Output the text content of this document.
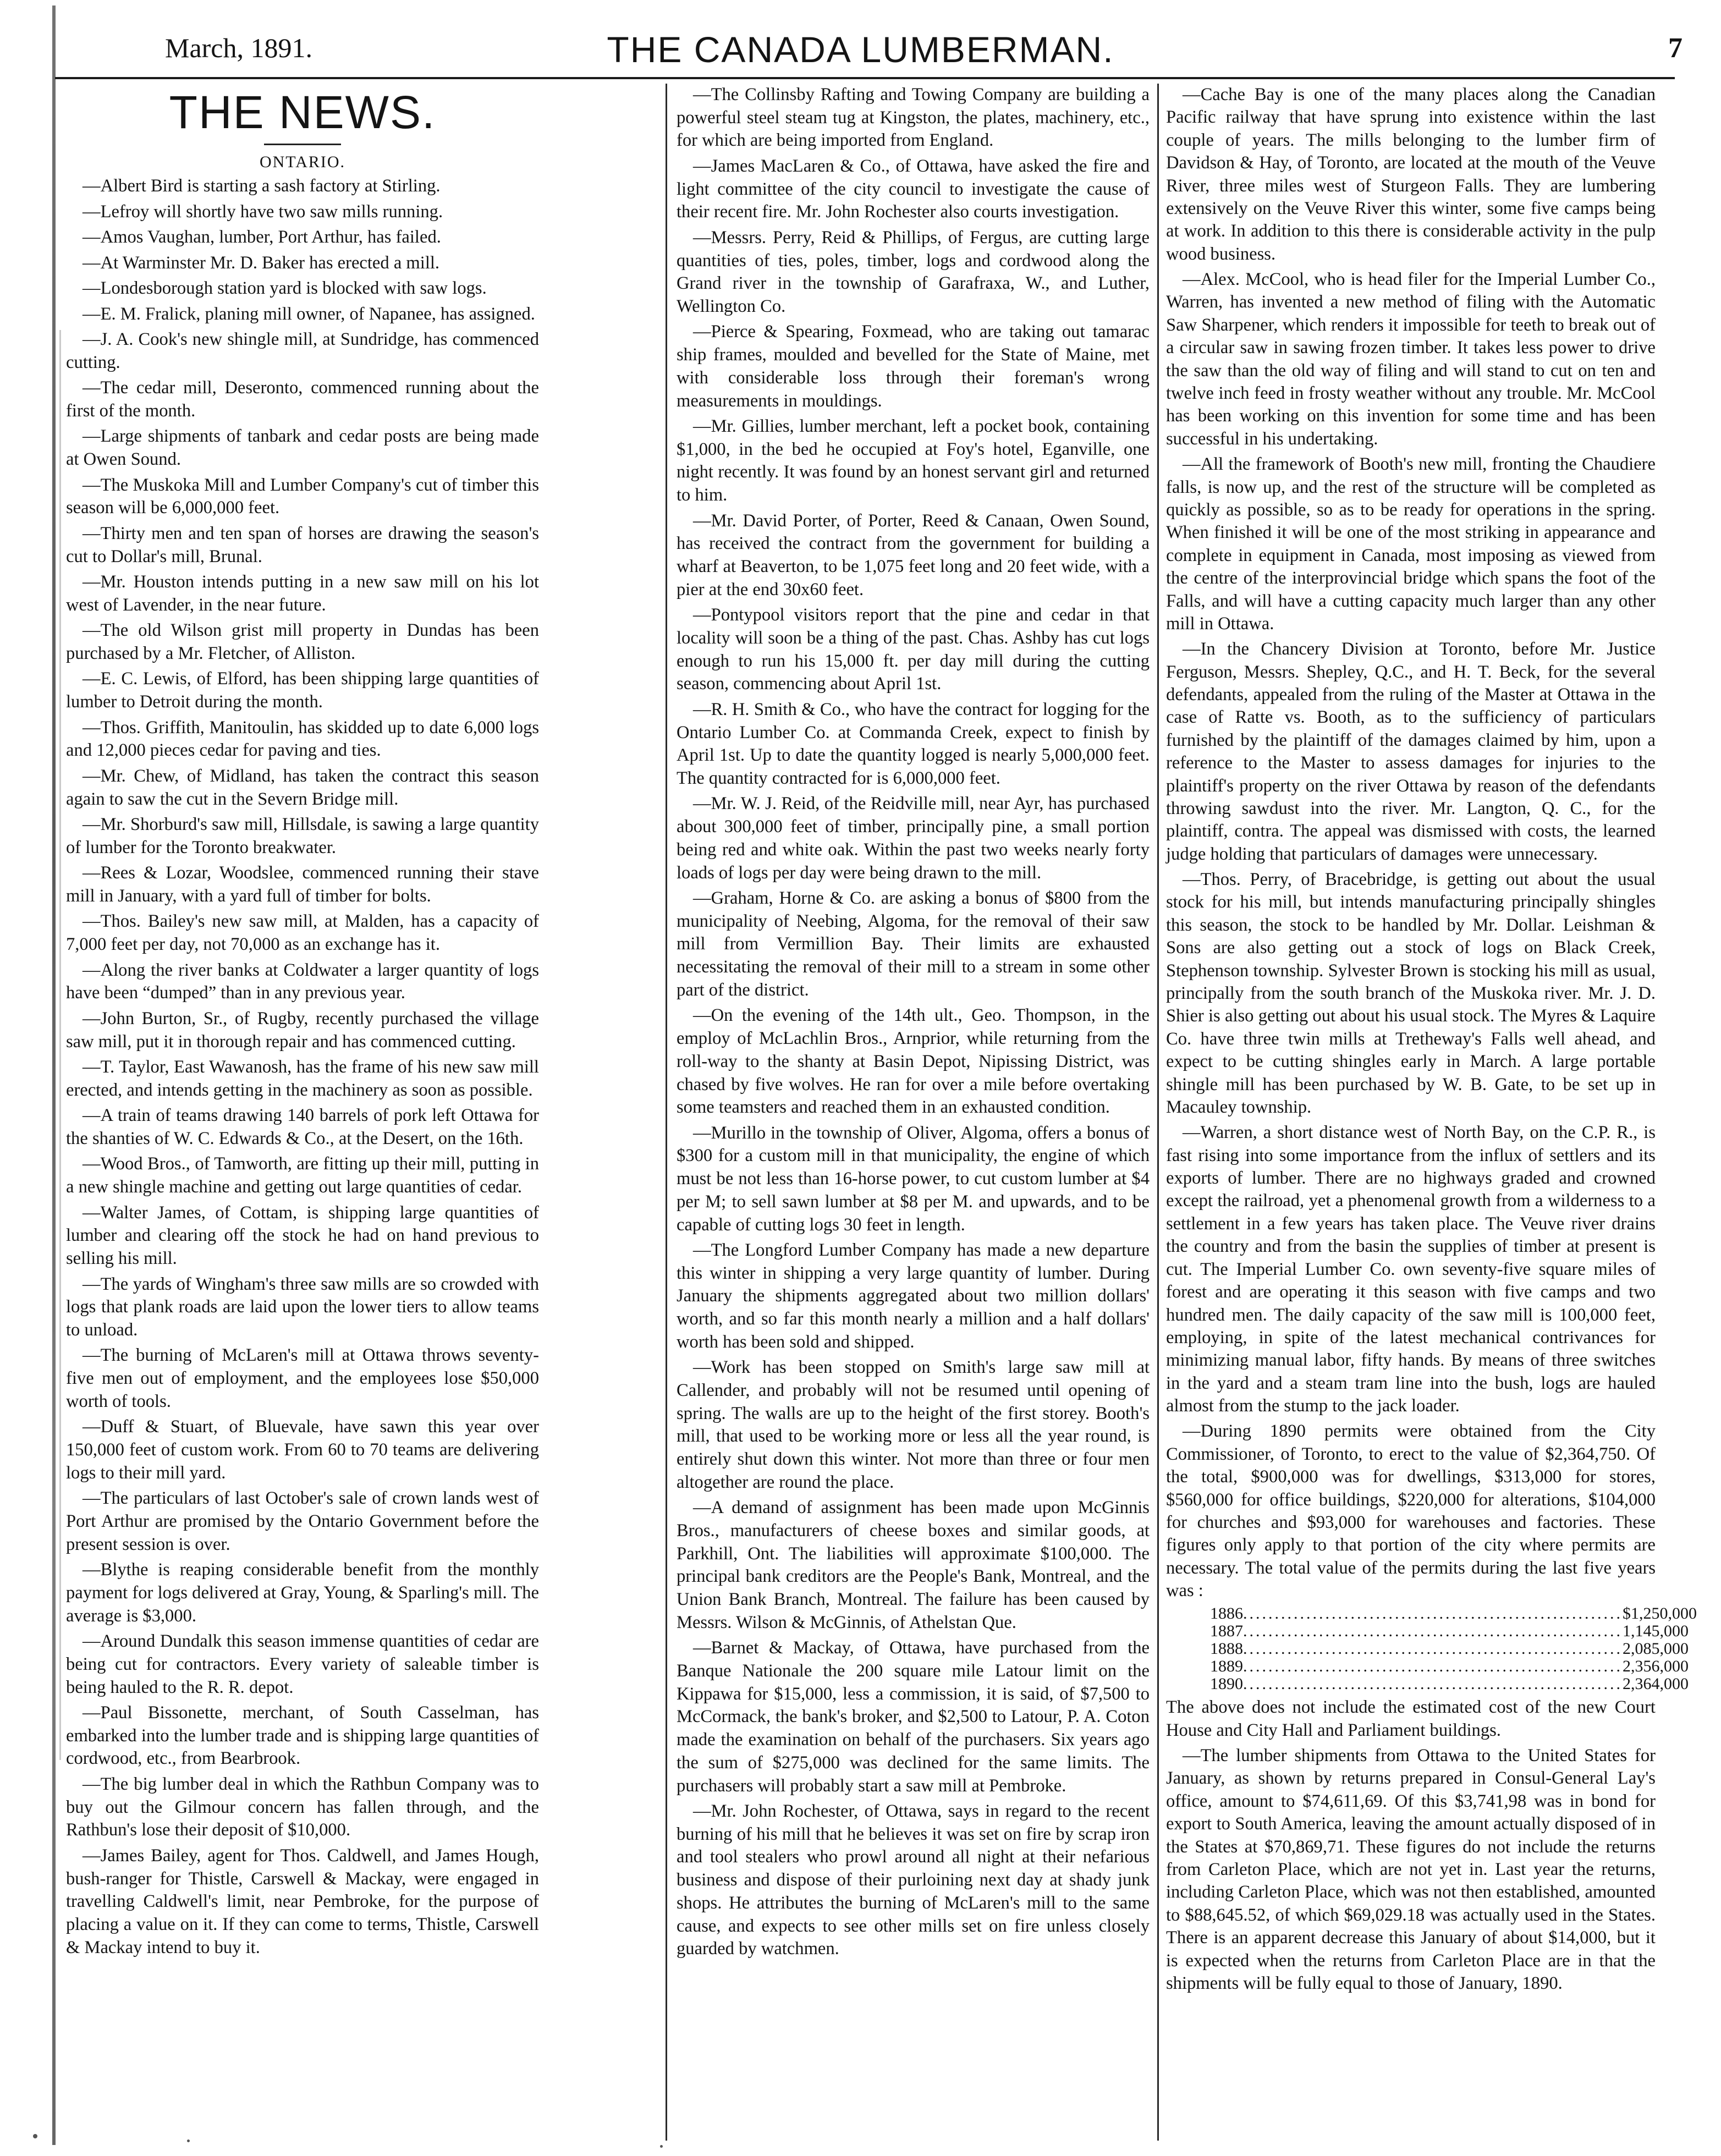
March, 1891.	THE CANADA LUMBERMAN.	7
THE NEWS.
ONTARIO.

—Albert Bird is starting a sash factory at Stirling.

—Lefroy will shortly have two saw mills running.

—Amos Vaughan, lumber, Port Arthur, has failed.

—At Warminster Mr. D. Baker has erected a mill.

—Londesborough station yard is blocked with saw logs.

—E. M. Fralick, planing mill owner, of Napanee, has assigned.

—J. A. Cook's new shingle mill, at Sundridge, has commenced cutting.

—The cedar mill, Deseronto, commenced running about the first of the month.

—Large shipments of tanbark and cedar posts are being made at Owen Sound.

—The Muskoka Mill and Lumber Company's cut of timber this season will be 6,000,000 feet.

—Thirty men and ten span of horses are drawing the season's cut to Dollar's mill, Brunal.

—Mr. Houston intends putting in a new saw mill on his lot west of Lavender, in the near future.

—The old Wilson grist mill property in Dundas has been purchased by a Mr. Fletcher, of Alliston.

—E. C. Lewis, of Elford, has been shipping large quantities of lumber to Detroit during the month.

—Thos. Griffith, Manitoulin, has skidded up to date 6,000 logs and 12,000 pieces cedar for paving and ties.

—Mr. Chew, of Midland, has taken the contract this season again to saw the cut in the Severn Bridge mill.

—Mr. Shorburd's saw mill, Hillsdale, is sawing a large quantity of lumber for the Toronto breakwater.

—Rees & Lozar, Woodslee, commenced running their stave mill in January, with a yard full of timber for bolts.

—Thos. Bailey's new saw mill, at Malden, has a capacity of 7,000 feet per day, not 70,000 as an exchange has it.

—Along the river banks at Coldwater a larger quantity of logs have been “dumped” than in any previous year.

—John Burton, Sr., of Rugby, recently purchased the village saw mill, put it in thorough repair and has commenced cutting.

—T. Taylor, East Wawanosh, has the frame of his new saw mill erected, and intends getting in the machinery as soon as possible.

—A train of teams drawing 140 barrels of pork left Ottawa for the shanties of W. C. Edwards & Co., at the Desert, on the 16th.

—Wood Bros., of Tamworth, are fitting up their mill, putting in a new shingle machine and getting out large quantities of cedar.

—Walter James, of Cottam, is shipping large quantities of lumber and clearing off the stock he had on hand previous to selling his mill.

—The yards of Wingham's three saw mills are so crowded with logs that plank roads are laid upon the lower tiers to allow teams to unload.

—The burning of McLaren's mill at Ottawa throws seventy-five men out of employment, and the employees lose $50,000 worth of tools.

—Duff & Stuart, of Bluevale, have sawn this year over 150,000 feet of custom work. From 60 to 70 teams are delivering logs to their mill yard.

—The particulars of last October's sale of crown lands west of Port Arthur are promised by the Ontario Government before the present session is over.

—Blythe is reaping considerable benefit from the monthly payment for logs delivered at Gray, Young, & Sparling's mill. The average is $3,000.

—Around Dundalk this season immense quantities of cedar are being cut for contractors. Every variety of saleable timber is being hauled to the R. R. depot.

—Paul Bissonette, merchant, of South Casselman, has embarked into the lumber trade and is shipping large quantities of cordwood, etc., from Bearbrook.

—The big lumber deal in which the Rathbun Company was to buy out the Gilmour concern has fallen through, and the Rathbun's lose their deposit of $10,000.

—James Bailey, agent for Thos. Caldwell, and James Hough, bush-ranger for Thistle, Carswell & Mackay, were engaged in travelling Caldwell's limit, near Pembroke, for the purpose of placing a value on it. If they can come to terms, Thistle, Carswell & Mackay intend to buy it.

—The Collinsby Rafting and Towing Company are building a powerful steel steam tug at Kingston, the plates, machinery, etc., for which are being imported from England.

—James MacLaren & Co., of Ottawa, have asked the fire and light committee of the city council to investigate the cause of their recent fire. Mr. John Rochester also courts investigation.

—Messrs. Perry, Reid & Phillips, of Fergus, are cutting large quantities of ties, poles, timber, logs and cordwood along the Grand river in the township of Garafraxa, W., and Luther, Wellington Co.

—Pierce & Spearing, Foxmead, who are taking out tamarac ship frames, moulded and bevelled for the State of Maine, met with considerable loss through their foreman's wrong measurements in mouldings.

—Mr. Gillies, lumber merchant, left a pocket book, containing $1,000, in the bed he occupied at Foy's hotel, Eganville, one night recently. It was found by an honest servant girl and returned to him.

—Mr. David Porter, of Porter, Reed & Canaan, Owen Sound, has received the contract from the government for building a wharf at Beaverton, to be 1,075 feet long and 20 feet wide, with a pier at the end 30x60 feet.

—Pontypool visitors report that the pine and cedar in that locality will soon be a thing of the past. Chas. Ashby has cut logs enough to run his 15,000 ft. per day mill during the cutting season, commencing about April 1st.

—R. H. Smith & Co., who have the contract for logging for the Ontario Lumber Co. at Commanda Creek, expect to finish by April 1st. Up to date the quantity logged is nearly 5,000,000 feet. The quantity contracted for is 6,000,000 feet.

—Mr. W. J. Reid, of the Reidville mill, near Ayr, has purchased about 300,000 feet of timber, principally pine, a small portion being red and white oak. Within the past two weeks nearly forty loads of logs per day were being drawn to the mill.

—Graham, Horne & Co. are asking a bonus of $800 from the municipality of Neebing, Algoma, for the removal of their saw mill from Vermillion Bay. Their limits are exhausted necessitating the removal of their mill to a stream in some other part of the district.

—On the evening of the 14th ult., Geo. Thompson, in the employ of McLachlin Bros., Arnprior, while returning from the roll-way to the shanty at Basin Depot, Nipissing District, was chased by five wolves. He ran for over a mile before overtaking some teamsters and reached them in an exhausted condition.

—Murillo in the township of Oliver, Algoma, offers a bonus of $300 for a custom mill in that municipality, the engine of which must be not less than 16-horse power, to cut custom lumber at $4 per M; to sell sawn lumber at $8 per M. and upwards, and to be capable of cutting logs 30 feet in length.

—The Longford Lumber Company has made a new departure this winter in shipping a very large quantity of lumber. During January the shipments aggregated about two million dollars' worth, and so far this month nearly a million and a half dollars' worth has been sold and shipped.

—Work has been stopped on Smith's large saw mill at Callender, and probably will not be resumed until opening of spring. The walls are up to the height of the first storey. Booth's mill, that used to be working more or less all the year round, is entirely shut down this winter. Not more than three or four men altogether are round the place.

—A demand of assignment has been made upon McGinnis Bros., manufacturers of cheese boxes and similar goods, at Parkhill, Ont. The liabilities will approximate $100,000. The principal bank creditors are the People's Bank, Montreal, and the Union Bank Branch, Montreal. The failure has been caused by Messrs. Wilson & McGinnis, of Athelstan Que.

—Barnet & Mackay, of Ottawa, have purchased from the Banque Nationale the 200 square mile Latour limit on the Kippawa for $15,000, less a commission, it is said, of $7,500 to McCormack, the bank's broker, and $2,500 to Latour, P. A. Coton made the examination on behalf of the purchasers. Six years ago the sum of $275,000 was declined for the same limits. The purchasers will probably start a saw mill at Pembroke.

—Mr. John Rochester, of Ottawa, says in regard to the recent burning of his mill that he believes it was set on fire by scrap iron and tool stealers who prowl around all night at their nefarious business and dispose of their purloining next day at shady junk shops. He attributes the burning of McLaren's mill to the same cause, and expects to see other mills set on fire unless closely guarded by watchmen.

—Cache Bay is one of the many places along the Canadian Pacific railway that have sprung into existence within the last couple of years. The mills belonging to the lumber firm of Davidson & Hay, of Toronto, are located at the mouth of the Veuve River, three miles west of Sturgeon Falls. They are lumbering extensively on the Veuve River this winter, some five camps being at work. In addition to this there is considerable activity in the pulp wood business.

—Alex. McCool, who is head filer for the Imperial Lumber Co., Warren, has invented a new method of filing with the Automatic Saw Sharpener, which renders it impossible for teeth to break out of a circular saw in sawing frozen timber. It takes less power to drive the saw than the old way of filing and will stand to cut on ten and twelve inch feed in frosty weather without any trouble. Mr. McCool has been working on this invention for some time and has been successful in his undertaking.

—All the framework of Booth's new mill, fronting the Chaudiere falls, is now up, and the rest of the structure will be completed as quickly as possible, so as to be ready for operations in the spring. When finished it will be one of the most striking in appearance and complete in equipment in Canada, most imposing as viewed from the centre of the interprovincial bridge which spans the foot of the Falls, and will have a cutting capacity much larger than any other mill in Ottawa.

—In the Chancery Division at Toronto, before Mr. Justice Ferguson, Messrs. Shepley, Q.C., and H. T. Beck, for the several defendants, appealed from the ruling of the Master at Ottawa in the case of Ratte vs. Booth, as to the sufficiency of particulars furnished by the plaintiff of the damages claimed by him, upon a reference to the Master to assess damages for injuries to the plaintiff's property on the river Ottawa by reason of the defendants throwing sawdust into the river. Mr. Langton, Q. C., for the plaintiff, contra. The appeal was dismissed with costs, the learned judge holding that particulars of damages were unnecessary.

—Thos. Perry, of Bracebridge, is getting out about the usual stock for his mill, but intends manufacturing principally shingles this season, the stock to be handled by Mr. Dollar. Leishman & Sons are also getting out a stock of logs on Black Creek, Stephenson township. Sylvester Brown is stocking his mill as usual, principally from the south branch of the Muskoka river. Mr. J. D. Shier is also getting out about his usual stock. The Myres & Laquire Co. have three twin mills at Tretheway's Falls well ahead, and expect to be cutting shingles early in March. A large portable shingle mill has been purchased by W. B. Gate, to be set up in Macauley township.

—Warren, a short distance west of North Bay, on the C.P. R., is fast rising into some importance from the influx of settlers and its exports of lumber. There are no highways graded and crowned except the railroad, yet a phenomenal growth from a wilderness to a settlement in a few years has taken place. The Veuve river drains the country and from the basin the supplies of timber at present is cut. The Imperial Lumber Co. own seventy-five square miles of forest and are operating it this season with five camps and two hundred men. The daily capacity of the saw mill is 100,000 feet, employing, in spite of the latest mechanical contrivances for minimizing manual labor, fifty hands. By means of three switches in the yard and a steam tram line into the bush, logs are hauled almost from the stump to the jack loader.

—During 1890 permits were obtained from the City Commissioner, of Toronto, to erect to the value of $2,364,750. Of the total, $900,000 was for dwellings, $313,000 for stores, $560,000 for office buildings, $220,000 for alterations, $104,000 for churches and $93,000 for warehouses and factories. These figures only apply to that portion of the city where permits are necessary. The total value of the permits during the last five years was :

1886 ............................................................ $1,250,000
1887 ............................................................ 1,145,000
1888 ............................................................ 2,085,000
1889 ............................................................ 2,356,000
1890 ............................................................ 2,364,000

The above does not include the estimated cost of the new Court House and City Hall and Parliament buildings.

—The lumber shipments from Ottawa to the United States for January, as shown by returns prepared in Consul-General Lay's office, amount to $74,611,69. Of this $3,741,98 was in bond for export to South America, leaving the amount actually disposed of in the States at $70,869,71. These figures do not include the returns from Carleton Place, which are not yet in. Last year the returns, including Carleton Place, which was not then established, amounted to $88,645.52, of which $69,029.18 was actually used in the States. There is an apparent decrease this January of about $14,000, but it is expected when the returns from Carleton Place are in that the shipments will be fully equal to those of January, 1890.
